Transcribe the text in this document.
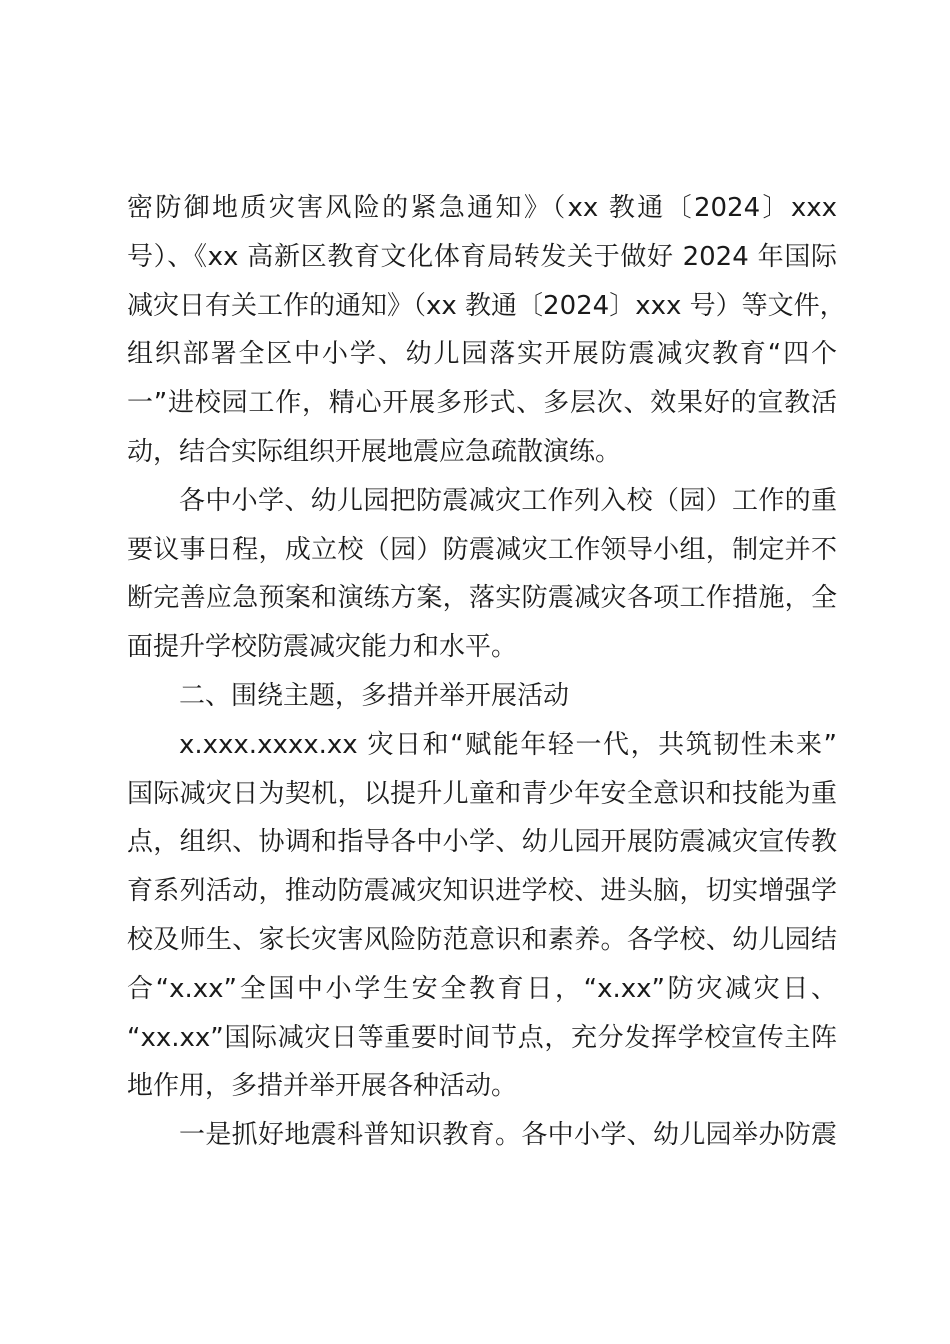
密防御地质灾害风险的紧急通知》（xx 教通〔2024〕xxx
号）、《xx 高新区教育文化体育局转发关于做好 2024 年国际
减灾日有关工作的通知》（xx 教通〔2024〕xxx 号）等文件，
组织部署全区中小学、幼儿园落实开展防震减灾教育“四个
一”进校园工作，精心开展多形式、多层次、效果好的宣教活
动，结合实际组织开展地震应急疏散演练。

各中小学、幼儿园把防震减灾工作列入校（园）工作的重
要议事日程，成立校（园）防震减灾工作领导小组，制定并不
断完善应急预案和演练方案，落实防震减灾各项工作措施，全
面提升学校防震减灾能力和水平。

二、围绕主题，多措并举开展活动

x.xxx.xxxx.xx 灾日和“赋能年轻一代，共筑韧性未来”
国际减灾日为契机，以提升儿童和青少年安全意识和技能为重
点，组织、协调和指导各中小学、幼儿园开展防震减灾宣传教
育系列活动，推动防震减灾知识进学校、进头脑，切实增强学
校及师生、家长灾害风险防范意识和素养。各学校、幼儿园结
合“x.xx”全国中小学生安全教育日，“x.xx”防灾减灾日、
“xx.xx”国际减灾日等重要时间节点，充分发挥学校宣传主阵
地作用，多措并举开展各种活动。

一是抓好地震科普知识教育。各中小学、幼儿园举办防震
